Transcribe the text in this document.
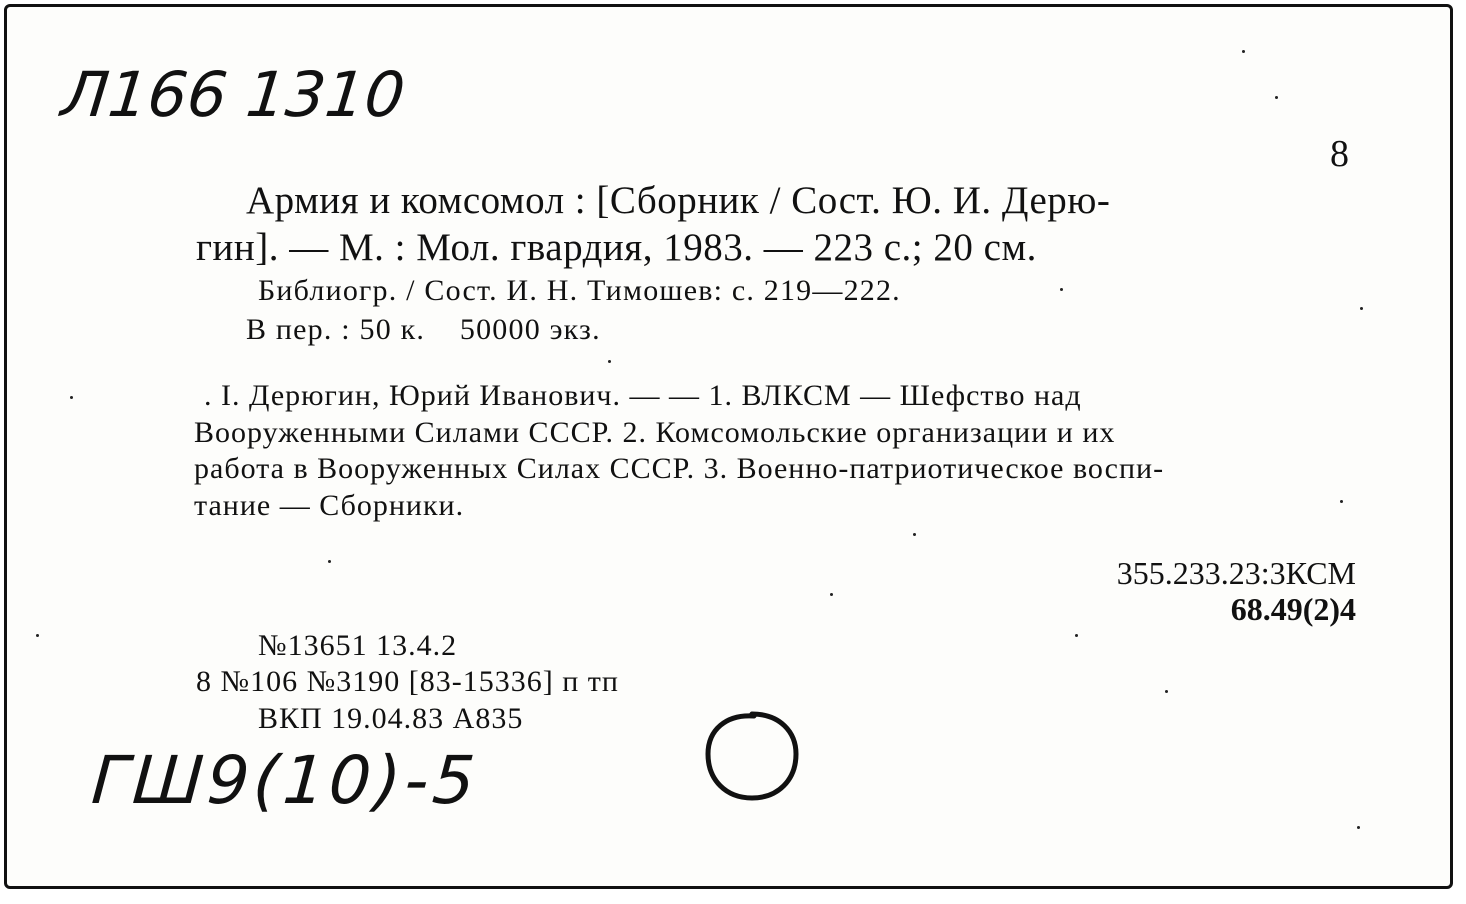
Л166 1310
8
Армия и комсомол : [Сборник / Сост. Ю. И. Дерю-
гин]. — М. : Мол. гвардия, 1983. — 223 с.; 20 см.
Библиогр. / Сост. И. Н. Тимошев: с. 219—222.
В пер. : 50 к.    50000 экз.
. I. Дерюгин, Юрий Иванович. — — 1. ВЛКСМ — Шефство над
Вооруженными Силами СССР. 2. Комсомольские организации и их
работа в Вооруженных Силах СССР. 3. Военно-патриотическое воспи-
тание — Сборники.
355.233.23:3КСМ
68.49(2)4
№13651 13.4.2
8 №106 №3190 [83-15336] п тп
ВКП 19.04.83 А835
ГШ9(10)-5
